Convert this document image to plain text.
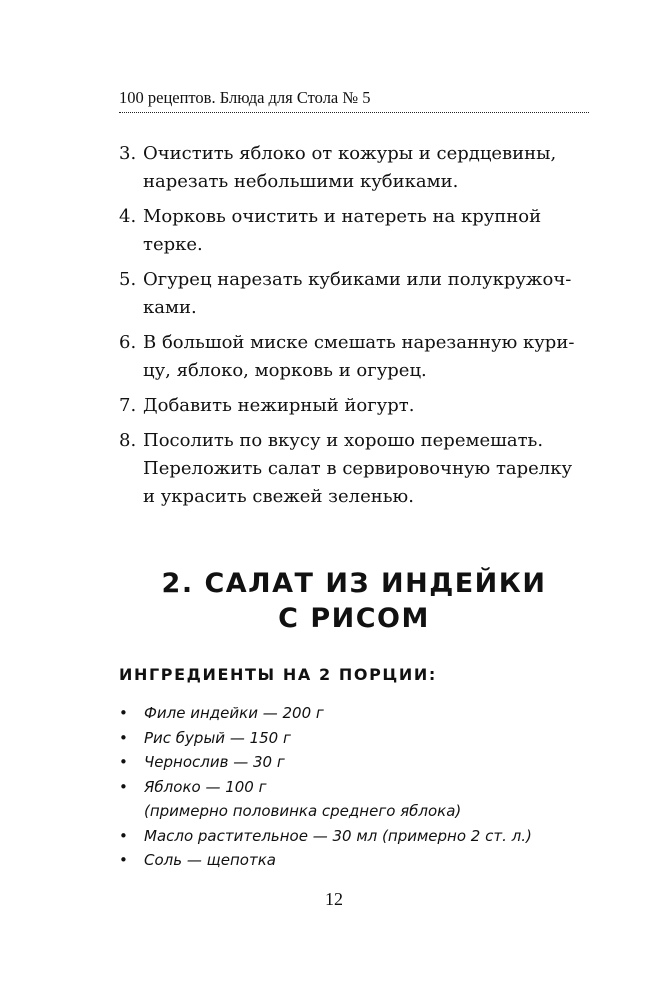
100 рецептов. Блюда для Стола № 5
3. Очистить яблоко от кожуры и сердцевины,
нарезать небольшими кубиками.
4. Морковь очистить и натереть на крупной
терке.
5. Огурец нарезать кубиками или полукружоч-
ками.
6. В большой миске смешать нарезанную кури-
цу, яблоко, морковь и огурец.
7. Добавить нежирный йогурт.
8. Посолить по вкусу и хорошо перемешать.
Переложить салат в сервировочную тарелку
и украсить свежей зеленью.
2. САЛАТ ИЗ ИНДЕЙКИ
С РИСОМ
ИНГРЕДИЕНТЫ НА 2 ПОРЦИИ:
• Филе индейки — 200 г
• Рис бурый — 150 г
• Чернослив — 30 г
• Яблоко — 100 г
(примерно половинка среднего яблока)
• Масло растительное — 30 мл (примерно 2 ст. л.)
• Соль — щепотка
12
